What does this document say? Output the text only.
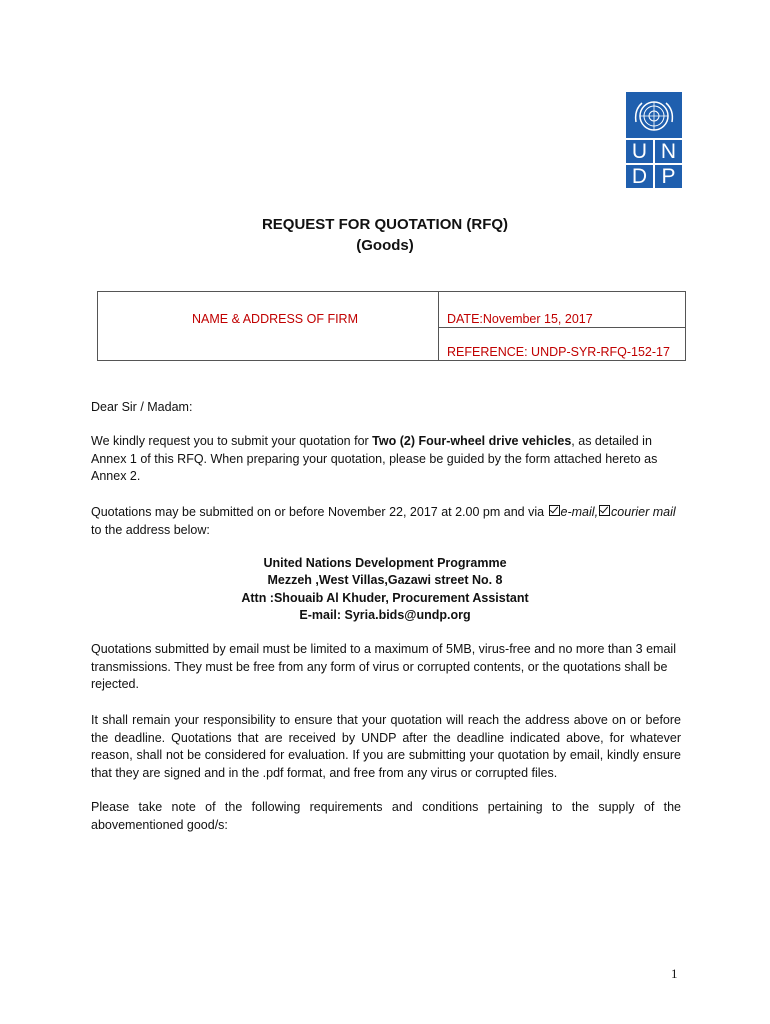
U N
D P
REQUEST FOR QUOTATION (RFQ)
(Goods)
NAME & ADDRESS OF FIRM	DATE:November 15, 2017
REFERENCE: UNDP-SYR-RFQ-152-17
Dear Sir / Madam:
We kindly request you to submit your quotation for Two (2) Four-wheel drive vehicles, as detailed in Annex 1 of this RFQ. When preparing your quotation, please be guided by the form attached hereto as Annex 2.
Quotations may be submitted on or before November 22, 2017 at 2.00 pm and via e-mail, courier mail to the address below:
United Nations Development Programme
Mezzeh ,West Villas,Gazawi street No. 8
Attn :Shouaib Al Khuder, Procurement Assistant
E-mail: Syria.bids@undp.org
Quotations submitted by email must be limited to a maximum of 5MB, virus-free and no more than 3 email transmissions. They must be free from any form of virus or corrupted contents, or the quotations shall be rejected.
It shall remain your responsibility to ensure that your quotation will reach the address above on or before the deadline. Quotations that are received by UNDP after the deadline indicated above, for whatever reason, shall not be considered for evaluation. If you are submitting your quotation by email, kindly ensure that they are signed and in the .pdf format, and free from any virus or corrupted files.
Please take note of the following requirements and conditions pertaining to the supply of the abovementioned good/s:
1
